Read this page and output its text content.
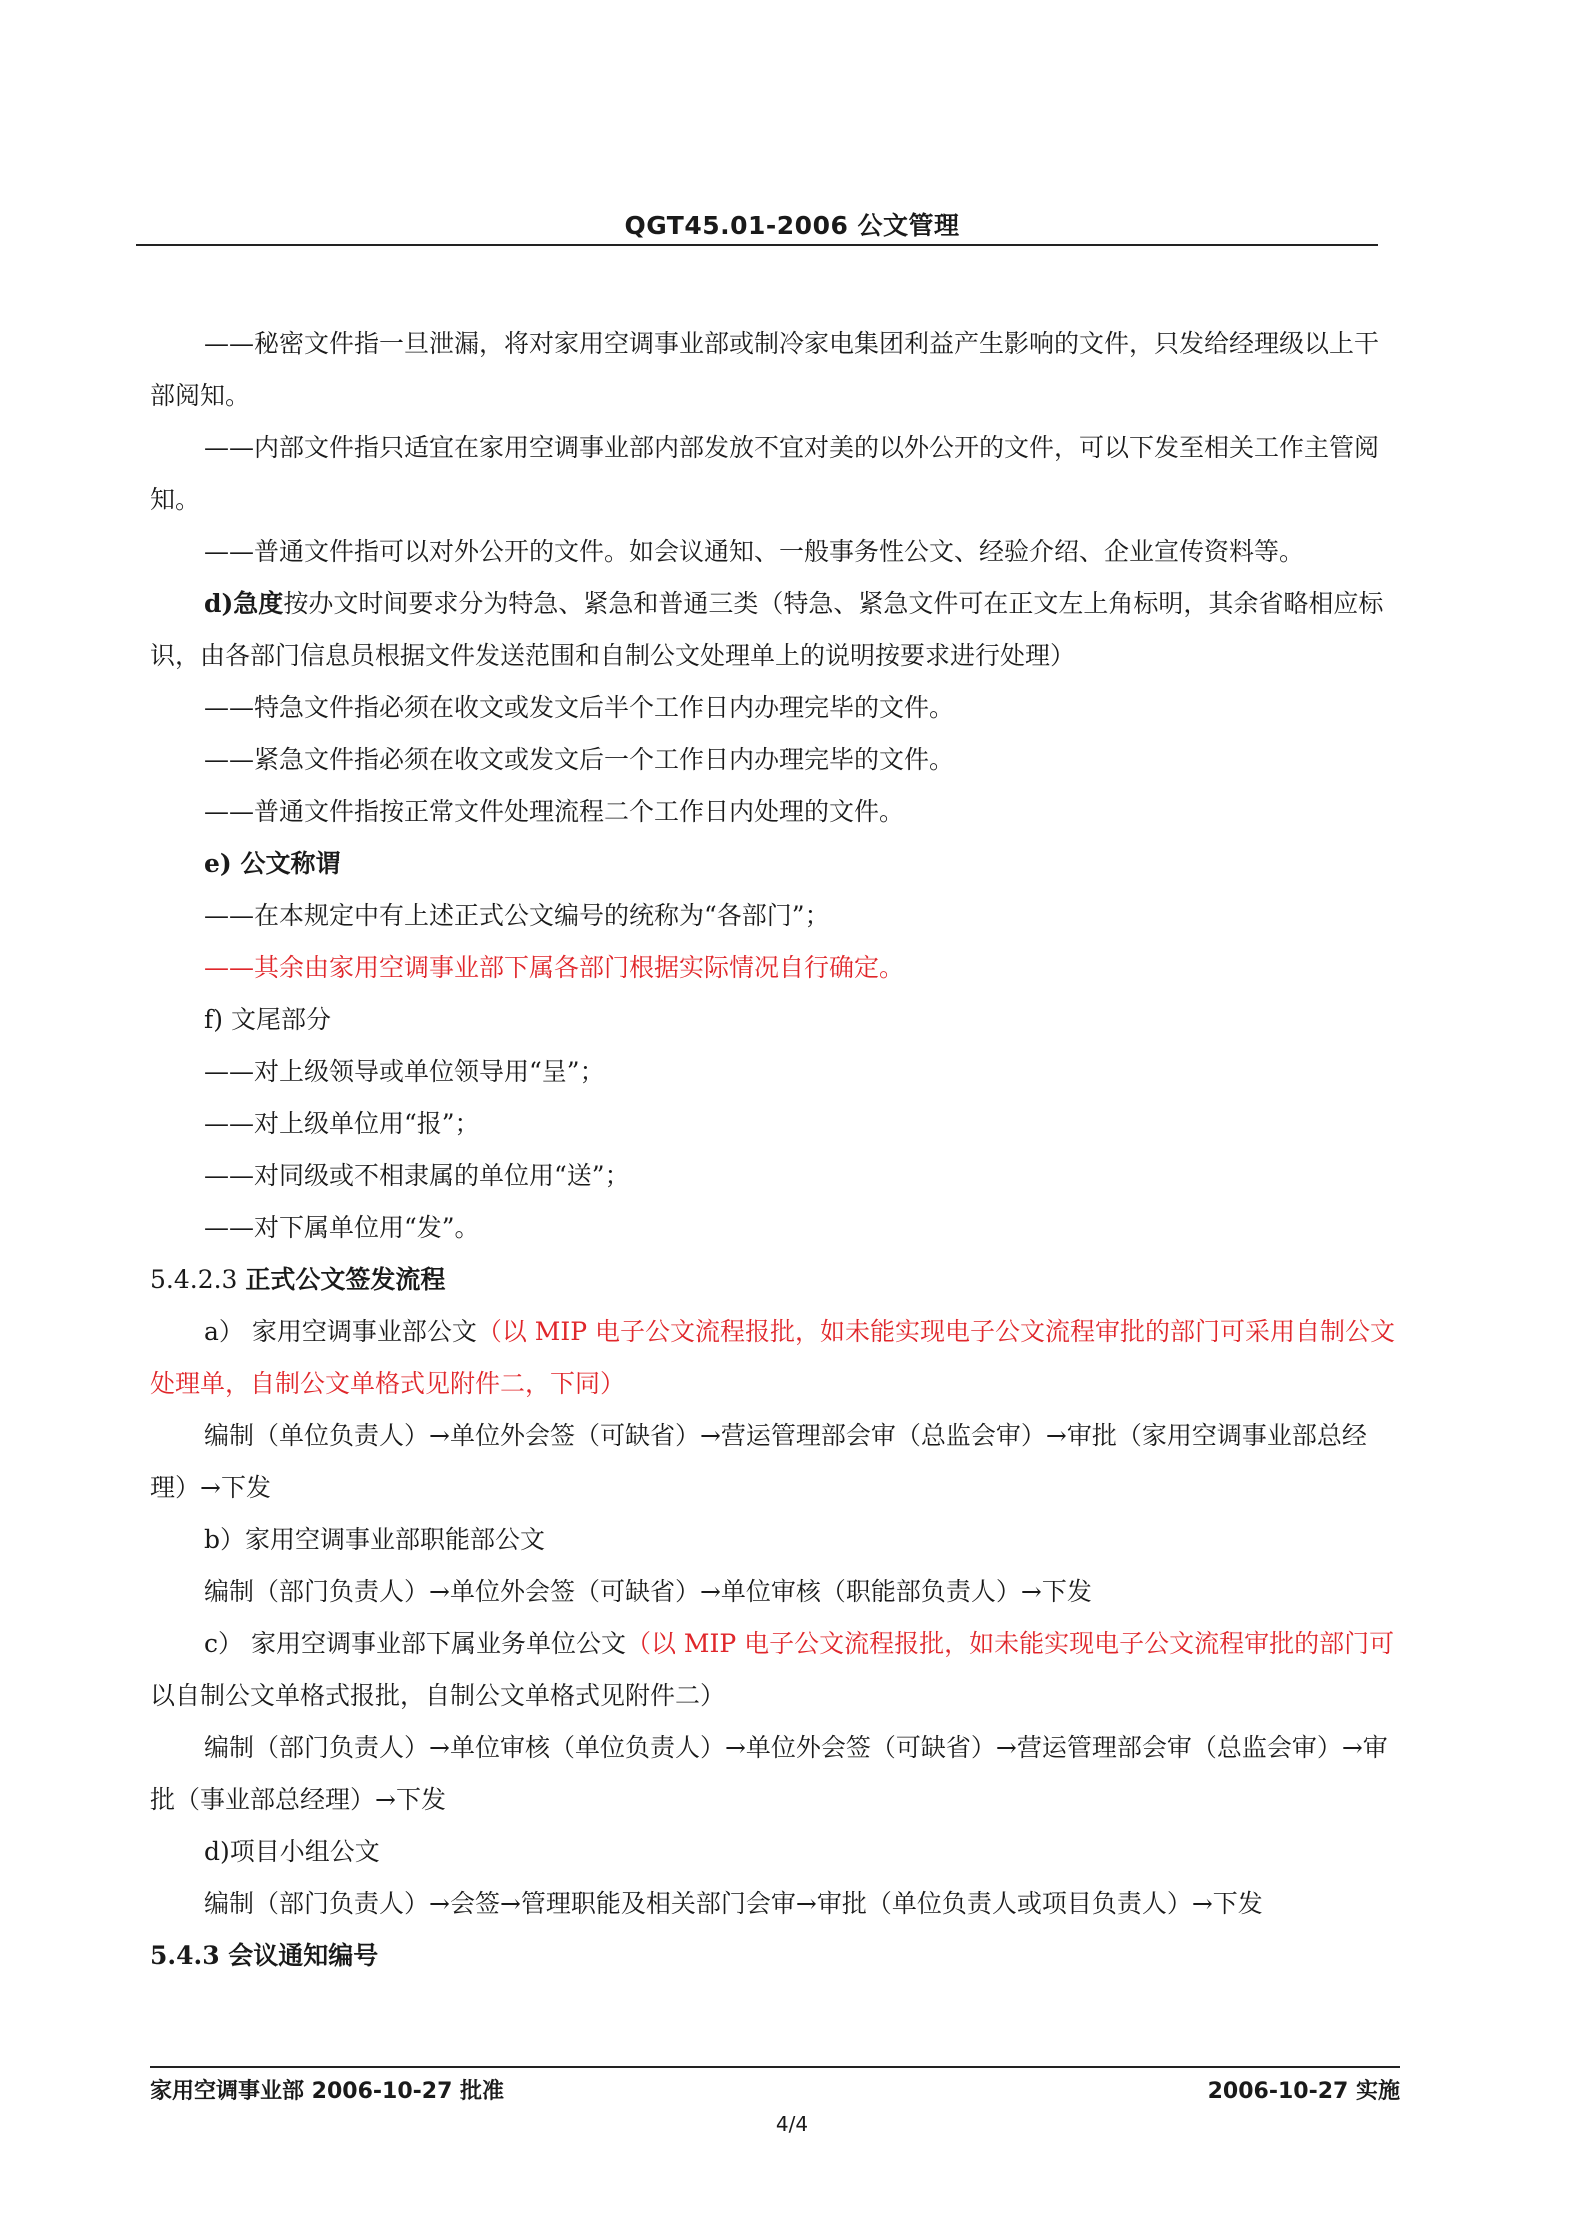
QGT45.01-2006 公文管理

——秘密文件指一旦泄漏，将对家用空调事业部或制冷家电集团利益产生影响的文件，只发给经理级以上干部阅知。

——内部文件指只适宜在家用空调事业部内部发放不宜对美的以外公开的文件，可以下发至相关工作主管阅知。

——普通文件指可以对外公开的文件。如会议通知、一般事务性公文、经验介绍、企业宣传资料等。

d)急度按办文时间要求分为特急、紧急和普通三类（特急、紧急文件可在正文左上角标明，其余省略相应标识，由各部门信息员根据文件发送范围和自制公文处理单上的说明按要求进行处理）

——特急文件指必须在收文或发文后半个工作日内办理完毕的文件。

——紧急文件指必须在收文或发文后一个工作日内办理完毕的文件。

——普通文件指按正常文件处理流程二个工作日内处理的文件。

e) 公文称谓

——在本规定中有上述正式公文编号的统称为“各部门”；

——其余由家用空调事业部下属各部门根据实际情况自行确定。

f) 文尾部分

——对上级领导或单位领导用“呈”；

——对上级单位用“报”；

——对同级或不相隶属的单位用“送”；

——对下属单位用“发”。

5.4.2.3 正式公文签发流程

a） 家用空调事业部公文（以 MIP 电子公文流程报批，如未能实现电子公文流程审批的部门可采用自制公文处理单，自制公文单格式见附件二，下同）

编制（单位负责人）→单位外会签（可缺省）→营运管理部会审（总监会审）→审批（家用空调事业部总经理）→下发

b）家用空调事业部职能部公文

编制（部门负责人）→单位外会签（可缺省）→单位审核（职能部负责人）→下发

c） 家用空调事业部下属业务单位公文（以 MIP 电子公文流程报批，如未能实现电子公文流程审批的部门可以自制公文单格式报批，自制公文单格式见附件二）

编制（部门负责人）→单位审核（单位负责人）→单位外会签（可缺省）→营运管理部会审（总监会审）→审批（事业部总经理）→下发

d)项目小组公文

编制（部门负责人）→会签→管理职能及相关部门会审→审批（单位负责人或项目负责人）→下发

5.4.3 会议通知编号

家用空调事业部 2006-10-27 批准	2006-10-27 实施
4/4
